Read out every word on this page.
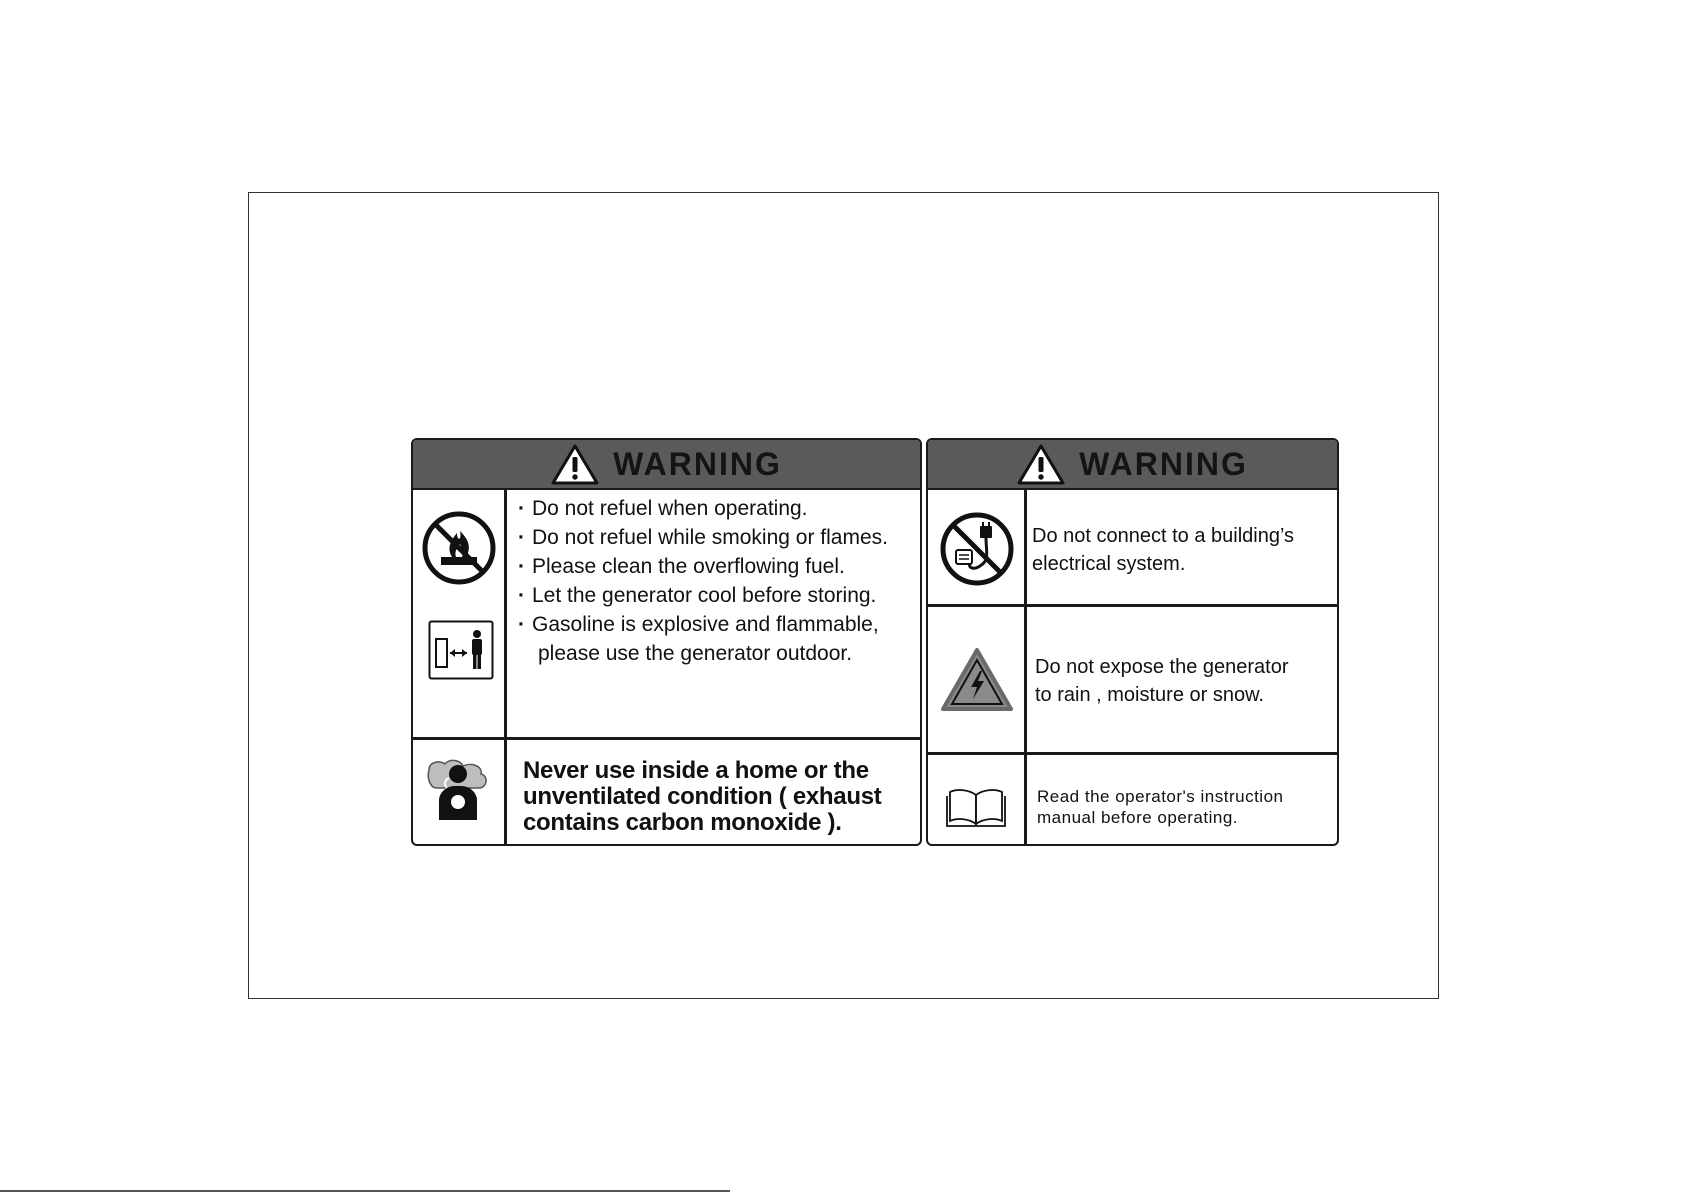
WARNING
· Do not refuel when operating.
· Do not refuel while smoking or flames.
· Please clean the overflowing fuel.
· Let the generator cool before storing.
· Gasoline is explosive and flammable,
please use the generator outdoor.
Never use inside a home or the
unventilated condition ( exhaust
contains carbon monoxide ).
WARNING
Do not connect to a building’s
electrical system.
Do not expose the generator
to rain , moisture or snow.
Read the operator's instruction
manual before operating.
